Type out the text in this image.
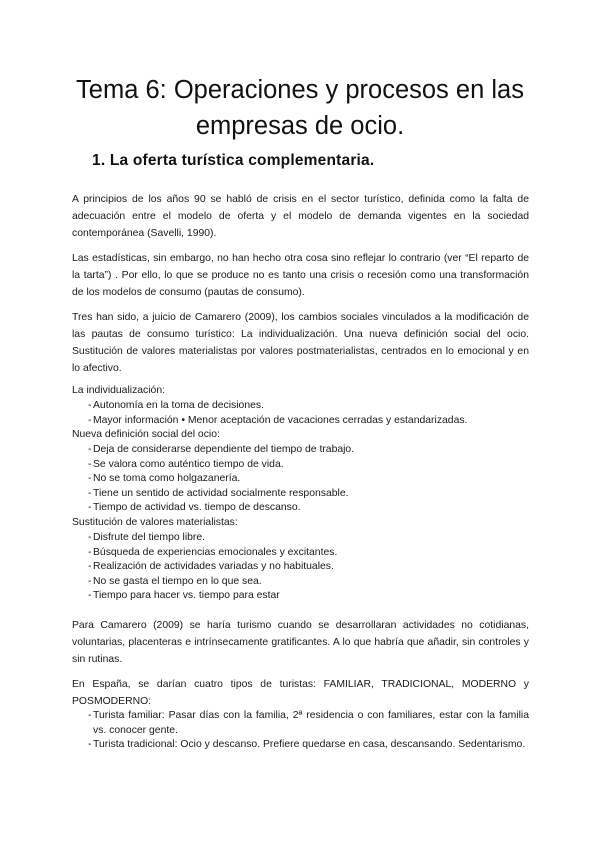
Tema 6: Operaciones y procesos en las empresas de ocio.
1. La oferta turística complementaria.

A principios de los años 90 se habló de crisis en el sector turístico, definida como la falta de adecuación entre el modelo de oferta y el modelo de demanda vigentes en la sociedad contemporánea (Savelli, 1990).

Las estadísticas, sin embargo, no han hecho otra cosa sino reflejar lo contrario (ver “El reparto de la tarta”) . Por ello, lo que se produce no es tanto una crisis o recesión como una transformación de los modelos de consumo (pautas de consumo).

Tres han sido, a juicio de Camarero (2009), los cambios sociales vinculados a la modificación de las pautas de consumo turístico: La individualización. Una nueva definición social del ocio. Sustitución de valores materialistas por valores postmaterialistas, centrados en lo emocional y en lo afectivo.

La individualización:

- Autonomía en la toma de decisiones.
- Mayor información • Menor aceptación de vacaciones cerradas y estandarizadas.

Nueva definición social del ocio:

- Deja de considerarse dependiente del tiempo de trabajo.
- Se valora como auténtico tiempo de vida.
- No se toma como holgazanería.
- Tiene un sentido de actividad socialmente responsable.
- Tiempo de actividad vs. tiempo de descanso.

Sustitución de valores materialistas:

- Disfrute del tiempo libre.
- Búsqueda de experiencias emocionales y excitantes.
- Realización de actividades variadas y no habituales.
- No se gasta el tiempo en lo que sea.
- Tiempo para hacer vs. tiempo para estar

Para Camarero (2009) se haría turismo cuando se desarrollaran actividades no cotidianas, voluntarias, placenteras e intrínsecamente gratificantes. A lo que habría que añadir, sin controles y sin rutinas.

En España, se darían cuatro tipos de turistas: FAMILIAR, TRADICIONAL, MODERNO y POSMODERNO:

- Turista familiar: Pasar días con la familia, 2ª residencia o con familiares, estar con la familia vs. conocer gente.
- Turista tradicional: Ocio y descanso. Prefiere quedarse en casa, descansando. Sedentarismo.
